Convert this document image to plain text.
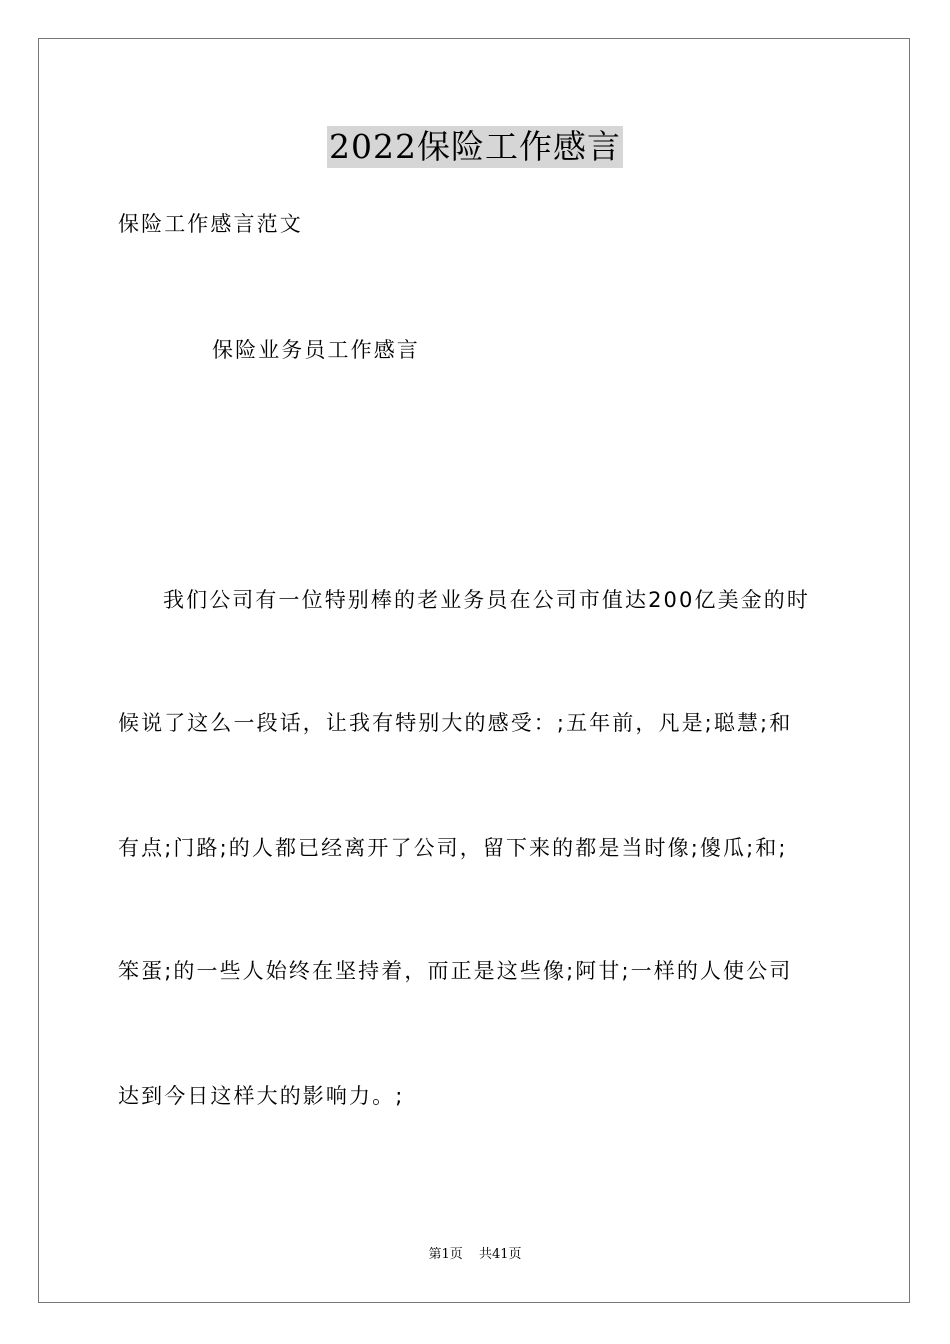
2022保险工作感言
保险工作感言范文
保险业务员工作感言
我们公司有一位特别棒的老业务员在公司市值达200亿美金的时
候说了这么一段话，让我有特别大的感受：;五年前，凡是;聪慧;和
有点;门路;的人都已经离开了公司，留下来的都是当时像;傻瓜;和;
笨蛋;的一些人始终在坚持着，而正是这些像;阿甘;一样的人使公司
达到今日这样大的影响力。;
第1页 共41页
